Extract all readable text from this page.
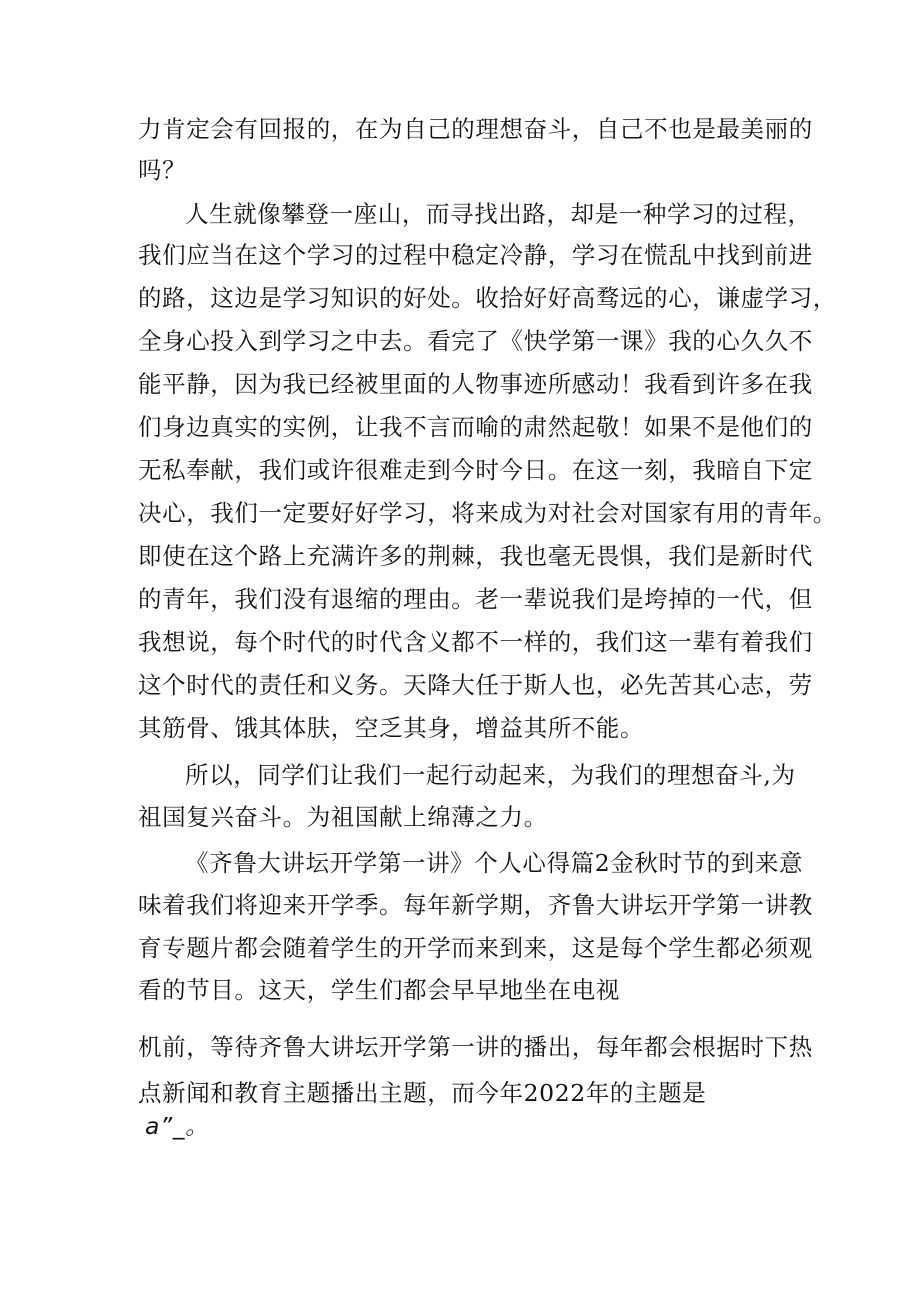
力肯定会有回报的，在为自己的理想奋斗，自己不也是最美丽的
吗？
人生就像攀登一座山，而寻找出路，却是一种学习的过程，
我们应当在这个学习的过程中稳定冷静，学习在慌乱中找到前进
的路，这边是学习知识的好处。收拾好好高骛远的心，谦虚学习，
全身心投入到学习之中去。看完了《快学第一课》我的心久久不
能平静，因为我已经被里面的人物事迹所感动！我看到许多在我
们身边真实的实例，让我不言而喻的肃然起敬！如果不是他们的
无私奉献，我们或许很难走到今时今日。在这一刻，我暗自下定
决心，我们一定要好好学习，将来成为对社会对国家有用的青年。
即使在这个路上充满许多的荆棘，我也毫无畏惧，我们是新时代
的青年，我们没有退缩的理由。老一辈说我们是垮掉的一代，但
我想说，每个时代的时代含义都不一样的，我们这一辈有着我们
这个时代的责任和义务。天降大任于斯人也，必先苦其心志，劳
其筋骨、饿其体肤，空乏其身，增益其所不能。
所以，同学们让我们一起行动起来，为我们的理想奋斗,为
祖国复兴奋斗。为祖国献上绵薄之力。
《齐鲁大讲坛开学第一讲》个人心得篇2金秋时节的到来意
味着我们将迎来开学季。每年新学期，齐鲁大讲坛开学第一讲教
育专题片都会随着学生的开学而来到来，这是每个学生都必须观
看的节目。这天，学生们都会早早地坐在电视
机前，等待齐鲁大讲坛开学第一讲的播出，每年都会根据时下热
点新闻和教育主题播出主题，而今年2022年的主题是
a”_。
